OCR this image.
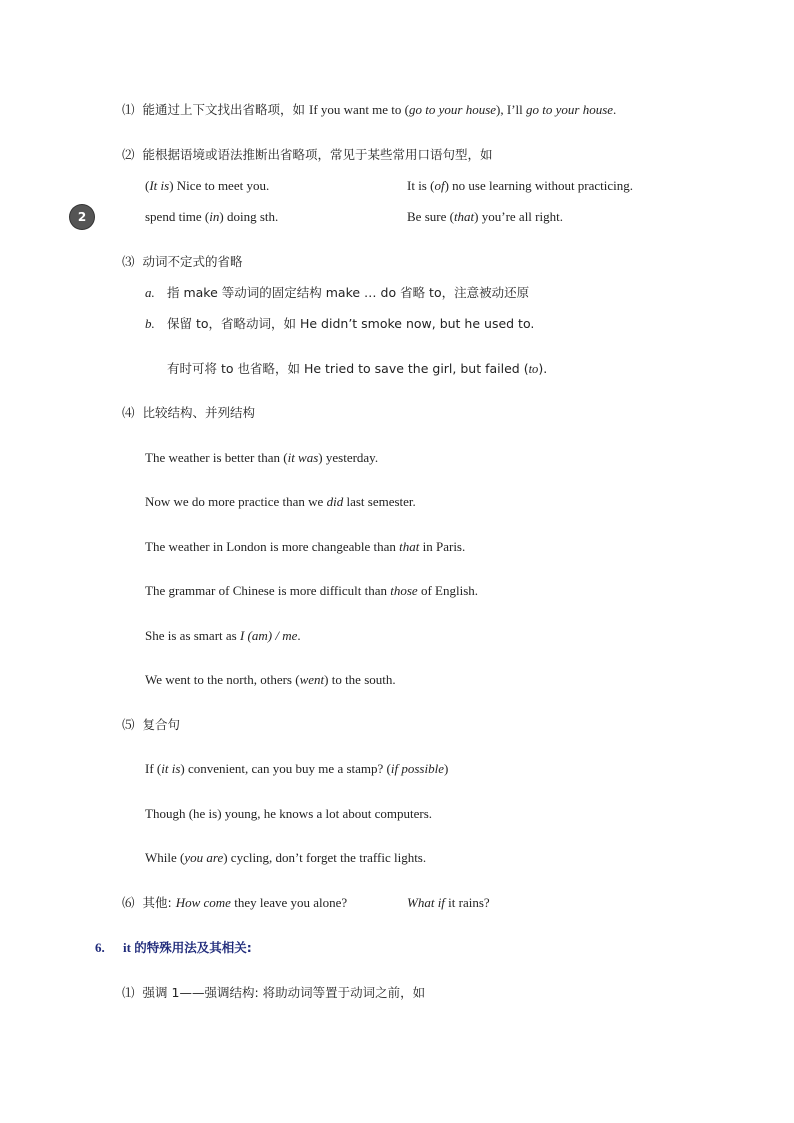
2
⑴ 能通过上下文找出省略项，如 If you want me to (go to your house), I’ll go to your house.
⑵ 能根据语境或语法推断出省略项，常见于某些常用口语句型，如
(It is) Nice to meet you.	It is (of) no use learning without practicing.
spend time (in) doing sth.	Be sure (that) you’re all right.
⑶ 动词不定式的省略
a. 指 make 等动词的固定结构 make … do 省略 to，注意被动还原
b. 保留 to，省略动词，如 He didn’t smoke now, but he used to.
有时可将 to 也省略，如 He tried to save the girl, but failed (to).
⑷ 比较结构、并列结构
The weather is better than (it was) yesterday.
Now we do more practice than we did last semester.
The weather in London is more changeable than that in Paris.
The grammar of Chinese is more difficult than those of English.
She is as smart as I (am) / me.
We went to the north, others (went) to the south.
⑸ 复合句
If (it is) convenient, can you buy me a stamp? (if possible)
Though (he is) young, he knows a lot about computers.
While (you are) cycling, don’t forget the traffic lights.
⑹ 其他: How come they leave you alone?	What if it rains?
6. it 的特殊用法及其相关:
⑴ 强调 1——强调结构: 将助动词等置于动词之前，如
